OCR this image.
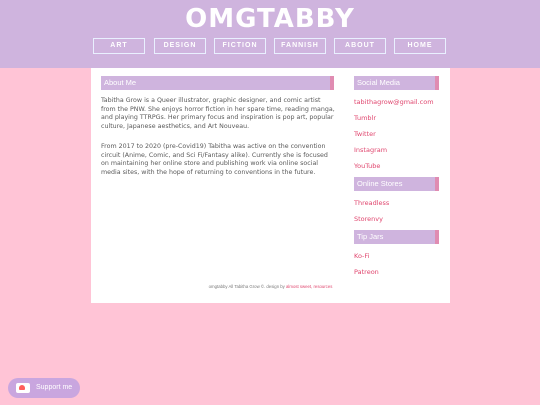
OMGTABBY
ART	DESIGN	FICTION	FANNISH	ABOUT	HOME
About Me

Tabitha Grow is a Queer illustrator, graphic designer, and comic artist from the PNW. She enjoys horror fiction in her spare time, reading manga, and playing TTRPGs. Her primary focus and inspiration is pop art, popular culture, Japanese aesthetics, and Art Nouveau.

From 2017 to 2020 (pre-Covid19) Tabitha was active on the convention circuit (Anime, Comic, and Sci Fi/Fantasy alike). Currently she is focused on maintaining her online store and publishing work via online social media sites, with the hope of returning to conventions in the future.

Social Media
tabithagrow@gmail.com
Tumblr
Twitter
Instagram
YouTube
Online Stores
Threadless
Storenvy
Tip Jars
Ko-Fi
Patreon
omgtabby All Tabitha Grow ©. design by almost sweet, resources
Support me
